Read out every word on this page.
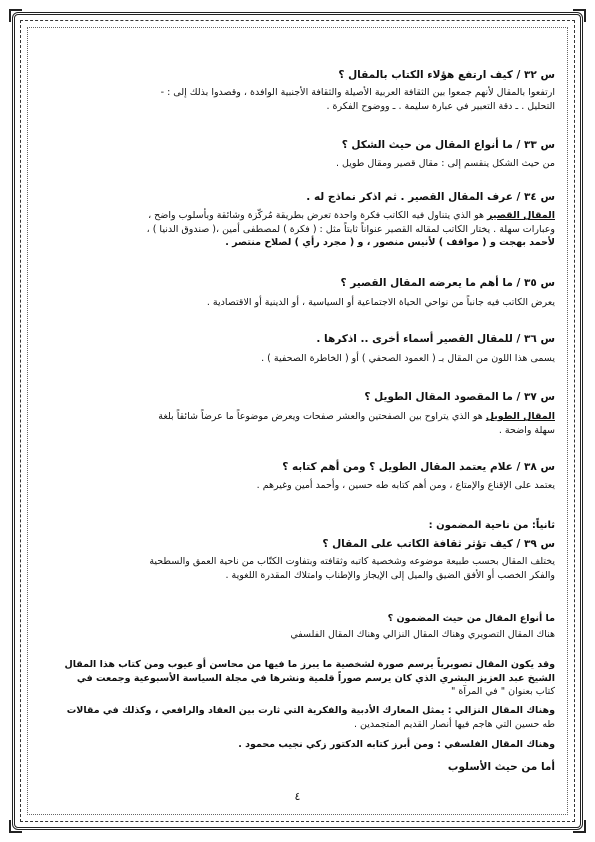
س ٣٢ / كيف ارتفع هؤلاء الكتاب بالمقال ؟
ارتفعوا بالمقال لأنهم جمعوا بين الثقافة العربية الأصيلة والثقافة الأجنبية الوافدة ، وقصدوا بذلك إلى : -
التحليل . ـ دقة التعبير في عبارة سليمة . ـ ووضوح الفكرة .
س ٣٣ / ما أنواع المقال من حيث الشكل ؟
من حيث الشكل ينقسم إلى : مقال قصير ومقال طويل .
س ٣٤ / عرف المقال القصير . ثم اذكر نماذج له .
المقال القصير هو الذي يتناول فيه الكاتب فكرة واحدة تعرض بطريقة مُركّزة وشائقة وبأسلوب واضح ،
وعبارات سهلة . يختار الكاتب لمقاله القصير عنواناً ثابتاً مثل : ( فكرة ) لمصطفى أمين ،( صندوق الدنيا ) ،
لأحمد بهجت و ( مواقف ) لأنيس منصور ، و ( مجرد رأي ) لصلاح منتصر .
س ٣٥ / ما أهم ما يعرضه المقال القصير ؟
يعرض الكاتب فيه جانباً من نواحي الحياة الاجتماعية أو السياسية ، أو الدينية أو الاقتصادية .
س ٣٦ / للمقال القصير أسماء أخرى .. اذكرها .
يسمى هذا اللون من المقال بـ ( العمود الصحفي ) أو ( الخاطرة الصحفية ) .
س ٣٧ / ما المقصود المقال الطويل ؟
المقال الطويل هو الذي يتراوح بين الصفحتين والعشر صفحات ويعرض موضوعاً ما عرضاً شائقاً بلغة
سهلة واضحة .
س ٣٨ / علام يعتمد المقال الطويل ؟ ومن أهم كتابه ؟
يعتمد على الإقناع والإمتاع ، ومن أهم كتابه طه حسين ، وأحمد أمين وغيرهم .
ثانياً: من ناحية المضمون :
س ٣٩ / كيف تؤثر ثقافة الكاتب على المقال ؟
يختلف المقال بحسب طبيعة موضوعه وشخصية كاتبه وثقافته وبتفاوت الكتّاب من ناحية العمق والسطحية
والفكر الخصب أو الأفق الضيق والميل إلى الإيجاز والإطناب وامتلاك المقدرة اللغوية .
ما أنواع المقال من حيث المضمون ؟
هناك المقال التصويري وهناك المقال النزالي وهناك المقال الفلسفي
وقد يكون المقال تصويرياً يرسم صورة لشخصية ما يبرز ما فيها من محاسن أو عيوب ومن كتاب هذا المقال
الشيخ عبد العزيز البشري الذي كان يرسم صوراً قلمية ونشرها في مجلة السياسة الأسبوعية وجمعت في
كتاب بعنوان " في المرآة "
وهناك المقال النزالي : يمثل المعارك الأدبية والفكرية التي ثارت بين العقاد والرافعي ، وكذلك في مقالات
طه حسين التي هاجم فيها أنصار القديم المتجمدين .
وهناك المقال الفلسفي : ومن أبرز كتابه الدكتور زكي نجيب محمود .
أما من حيث الأسلوب
٤
